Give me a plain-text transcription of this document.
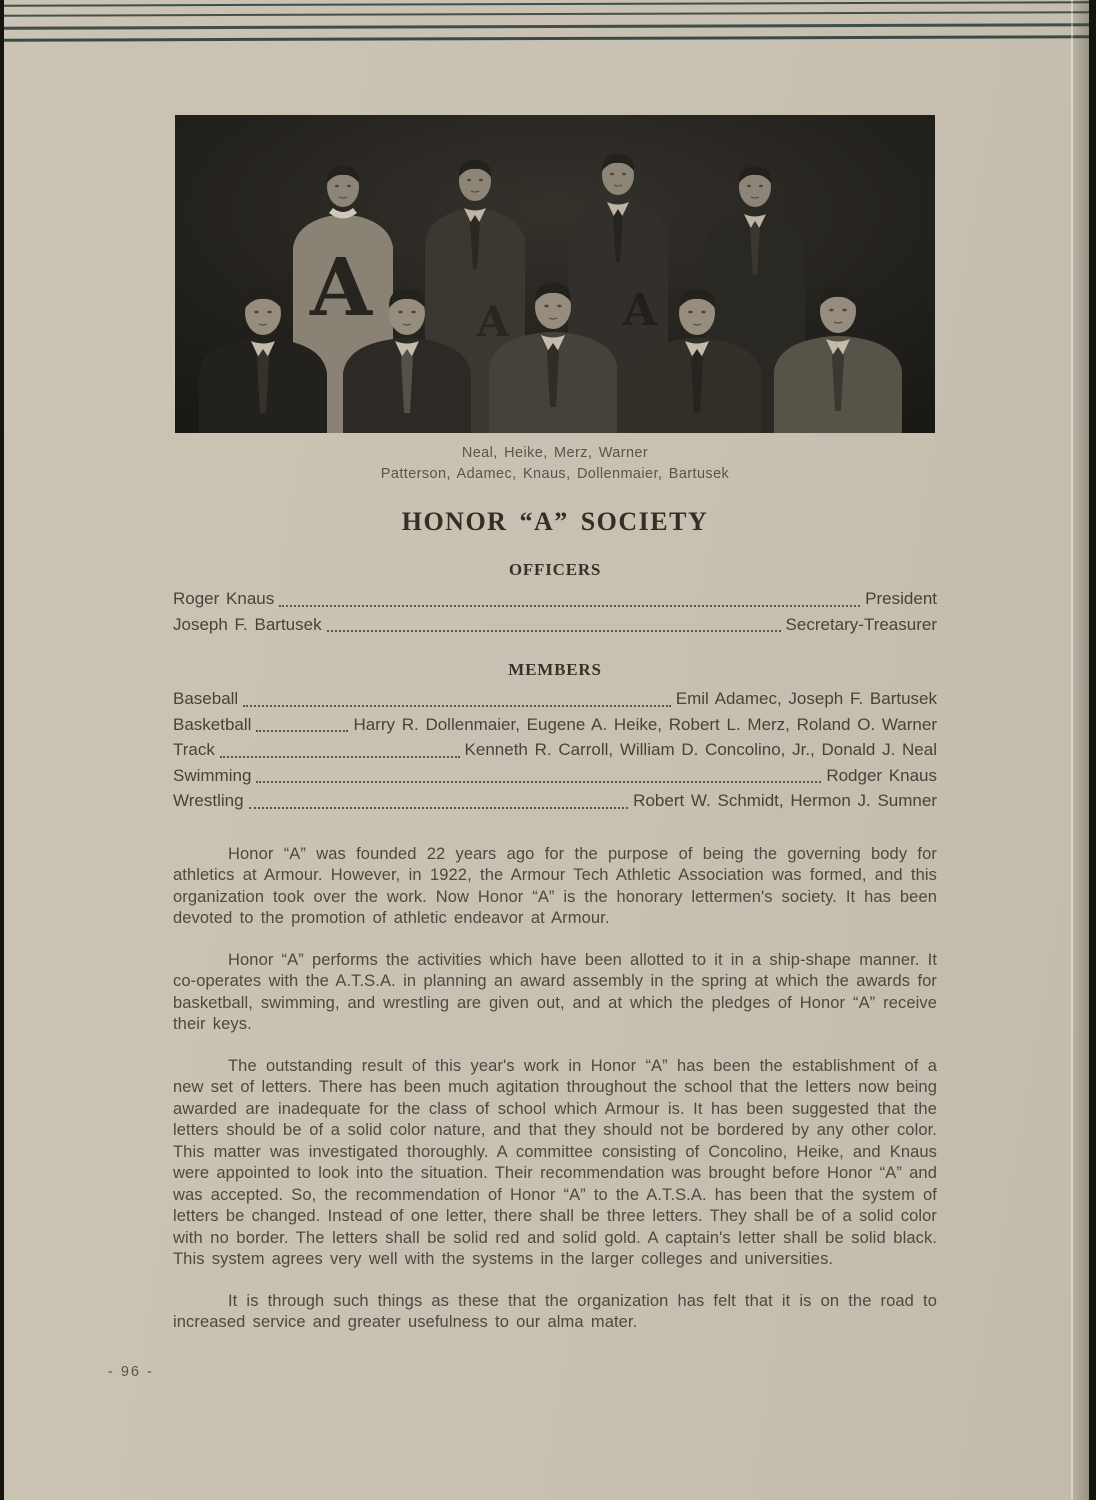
A A	A
Neal, Heike, Merz, Warner
Patterson, Adamec, Knaus, Dollenmaier, Bartusek
HONOR “A” SOCIETY
OFFICERS
Roger Knaus	President
Joseph F. Bartusek	Secretary-Treasurer
MEMBERS
Baseball	Emil Adamec, Joseph F. Bartusek
Basketball	Harry R. Dollenmaier, Eugene A. Heike, Robert L. Merz, Roland O. Warner
Track	Kenneth R. Carroll, William D. Concolino, Jr., Donald J. Neal
Swimming	Rodger Knaus
Wrestling	Robert W. Schmidt, Hermon J. Sumner

Honor “A” was founded 22 years ago for the purpose of being the governing body for athletics at Armour. However, in 1922, the Armour Tech Athletic Association was formed, and this organization took over the work. Now Honor “A” is the honorary lettermen's society. It has been devoted to the promotion of athletic endeavor at Armour.

Honor “A” performs the activities which have been allotted to it in a ship-shape manner. It co-operates with the A.T.S.A. in planning an award assembly in the spring at which the awards for basketball, swimming, and wrestling are given out, and at which the pledges of Honor “A” receive their keys.

The outstanding result of this year's work in Honor “A” has been the establishment of a new set of letters. There has been much agitation throughout the school that the letters now being awarded are inadequate for the class of school which Armour is. It has been suggested that the letters should be of a solid color nature, and that they should not be bordered by any other color. This matter was investigated thoroughly. A committee consisting of Concolino, Heike, and Knaus were appointed to look into the situation. Their recommendation was brought before Honor “A” and was accepted. So, the recommendation of Honor “A” to the A.T.S.A. has been that the system of letters be changed. Instead of one letter, there shall be three letters. They shall be of a solid color with no border. The letters shall be solid red and solid gold. A captain's letter shall be solid black. This system agrees very well with the systems in the larger colleges and universities.

It is through such things as these that the organization has felt that it is on the road to increased service and greater usefulness to our alma mater.

- 96 -
